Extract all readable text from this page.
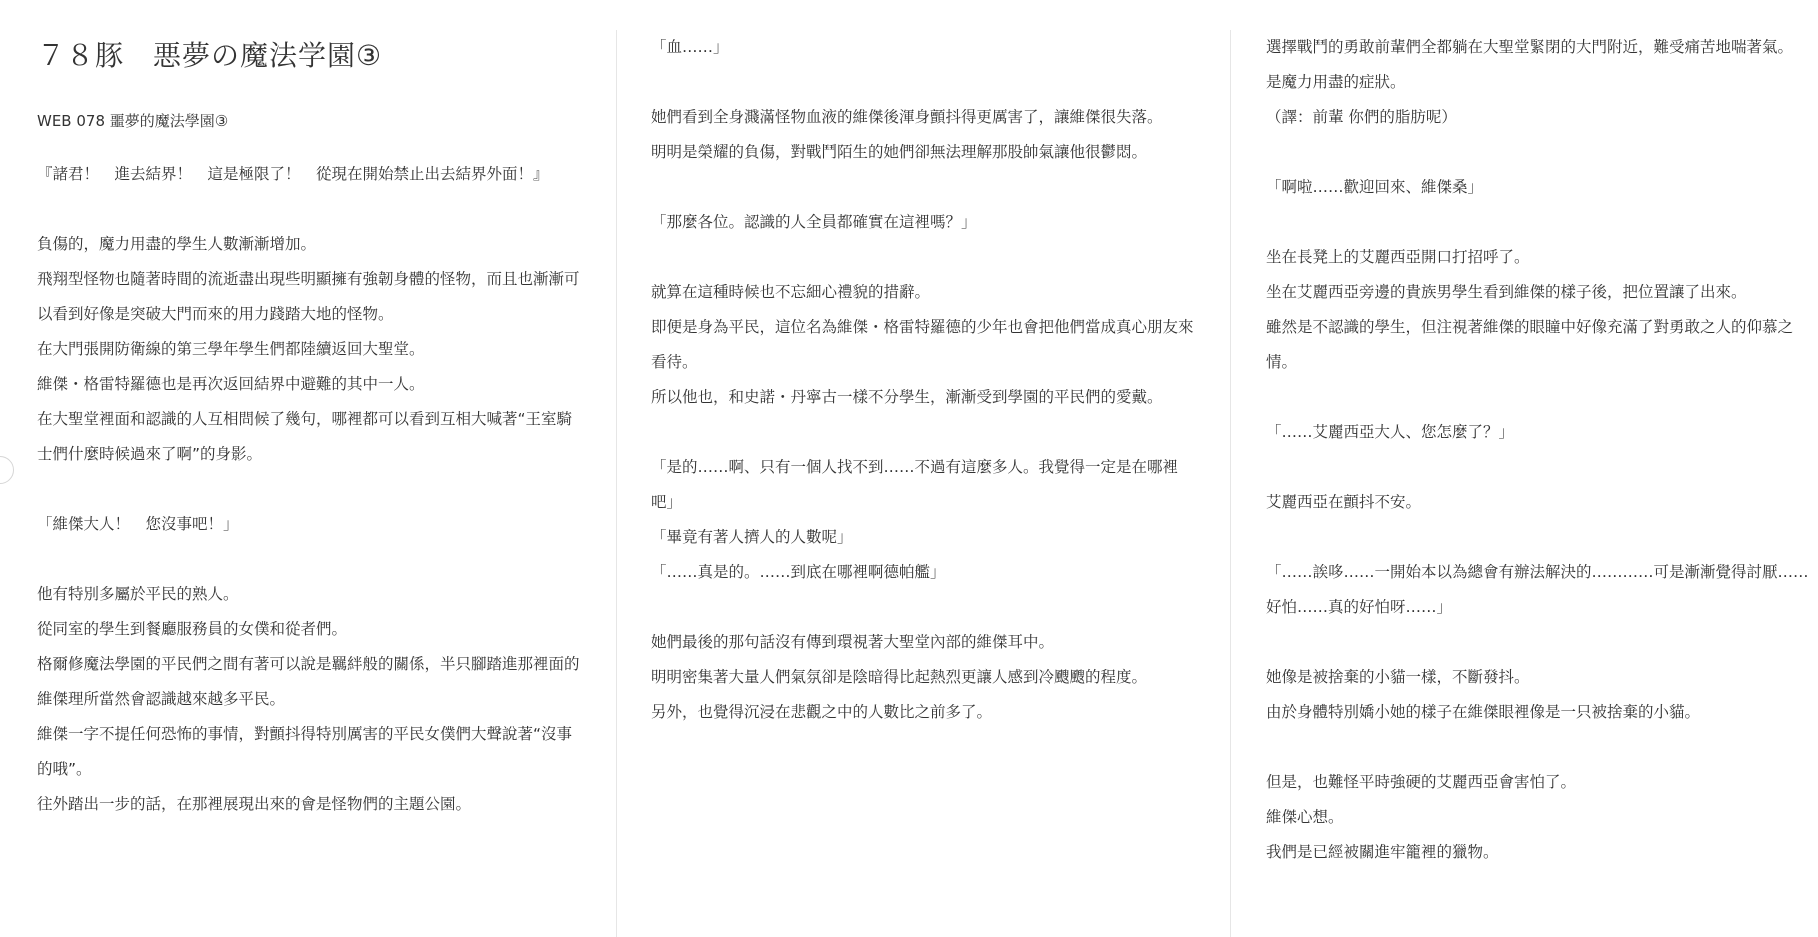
７８豚　悪夢の魔法学園③
WEB 078 噩夢的魔法學園③
『諸君！　進去結界！　這是極限了！　從現在開始禁止出去結界外面！』
負傷的，魔力用盡的學生人數漸漸增加。
飛翔型怪物也隨著時間的流逝盡出現些明顯擁有強韌身體的怪物，而且也漸漸可以看到好像是突破大門而來的用力踐踏大地的怪物。
在大門張開防衛線的第三學年學生們都陸續返回大聖堂。
維傑・格雷特羅德也是再次返回結界中避難的其中一人。
在大聖堂裡面和認識的人互相問候了幾句，哪裡都可以看到互相大喊著“王室騎士們什麼時候過來了啊”的身影。
「維傑大人！　您沒事吧！」
他有特別多屬於平民的熟人。
從同室的學生到餐廳服務員的女僕和從者們。
格爾修魔法學園的平民們之間有著可以說是羈絆般的關係，半只腳踏進那裡面的維傑理所當然會認識越來越多平民。
維傑一字不提任何恐怖的事情，對顫抖得特別厲害的平民女僕們大聲說著“沒事的哦”。
往外踏出一步的話，在那裡展現出來的會是怪物們的主題公園。
「血……」
她們看到全身濺滿怪物血液的維傑後渾身顫抖得更厲害了，讓維傑很失落。
明明是榮耀的負傷，對戰鬥陌生的她們卻無法理解那股帥氣讓他很鬱悶。
「那麼各位。認識的人全員都確實在這裡嗎？」
就算在這種時候也不忘細心禮貌的措辭。
即便是身為平民，這位名為維傑・格雷特羅德的少年也會把他們當成真心朋友來看待。
所以他也，和史諾・丹寧古一樣不分學生，漸漸受到學園的平民們的愛戴。
「是的……啊、只有一個人找不到……不過有這麼多人。我覺得一定是在哪裡吧」
「畢竟有著人擠人的人數呢」
「……真是的。……到底在哪裡啊德帕艦」
她們最後的那句話沒有傳到環視著大聖堂內部的維傑耳中。
明明密集著大量人們氣氛卻是陰暗得比起熱烈更讓人感到冷颼颼的程度。
另外，也覺得沉浸在悲觀之中的人數比之前多了。
選擇戰鬥的勇敢前輩們全都躺在大聖堂緊閉的大門附近，難受痛苦地喘著氣。
是魔力用盡的症狀。
（譯：前輩 你們的脂肪呢）
「啊啦……歡迎回來、維傑桑」
坐在長凳上的艾麗西亞開口打招呼了。
坐在艾麗西亞旁邊的貴族男學生看到維傑的樣子後，把位置讓了出來。
雖然是不認識的學生，但注視著維傑的眼瞳中好像充滿了對勇敢之人的仰慕之情。
「……艾麗西亞大人、您怎麼了？」
艾麗西亞在顫抖不安。
「……誒哆……一開始本以為總會有辦法解決的…………可是漸漸覺得討厭……好怕……真的好怕呀……」
她像是被捨棄的小貓一樣，不斷發抖。
由於身體特別嬌小她的樣子在維傑眼裡像是一只被捨棄的小貓。
但是，也難怪平時強硬的艾麗西亞會害怕了。
維傑心想。
我們是已經被關進牢籠裡的獵物。
